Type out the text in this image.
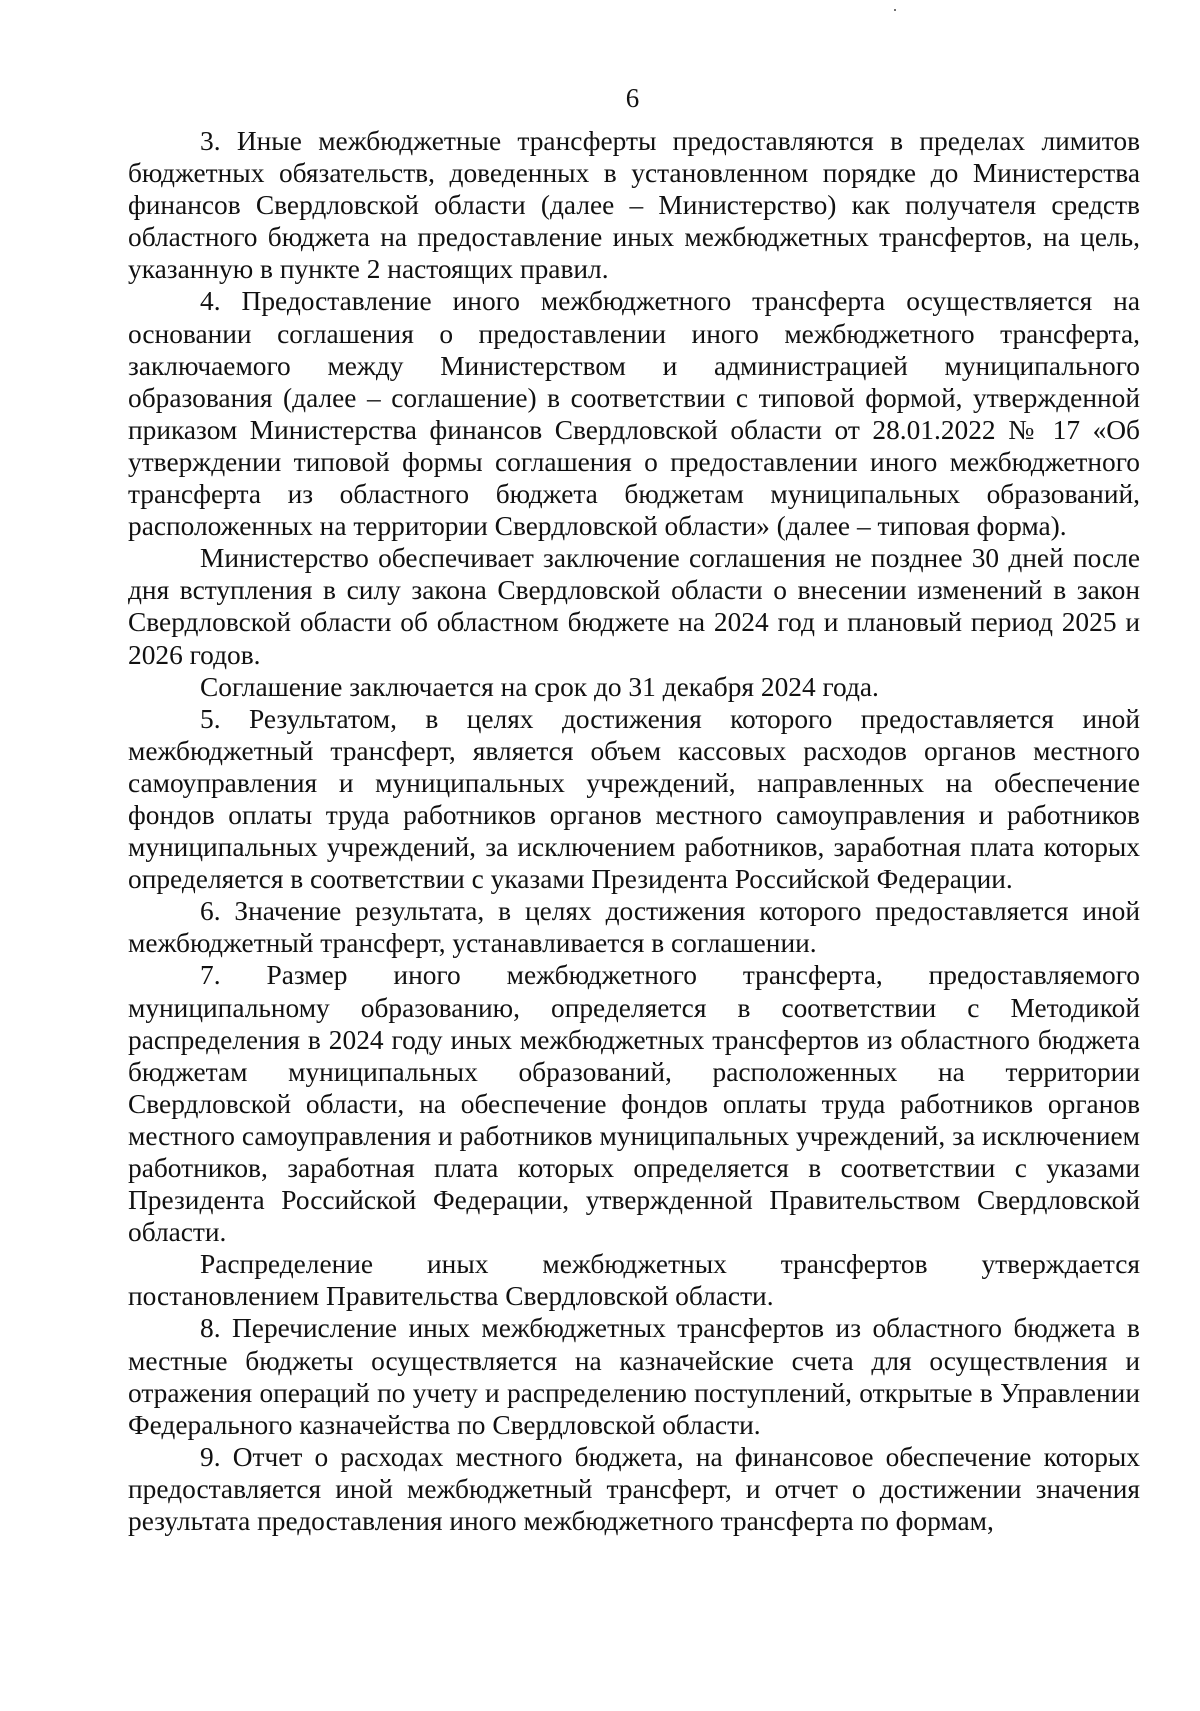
6

3. Иные межбюджетные трансферты предоставляются в пределах лимитов бюджетных обязательств, доведенных в установленном порядке до Министерства финансов Свердловской области (далее – Министерство) как получателя средств областного бюджета на предоставление иных межбюджетных трансфертов, на цель, указанную в пункте 2 настоящих правил.

4. Предоставление иного межбюджетного трансферта осуществляется на основании соглашения о предоставлении иного межбюджетного трансферта, заключаемого между Министерством и администрацией муниципального образования (далее – соглашение) в соответствии с типовой формой, утвержденной приказом Министерства финансов Свердловской области от 28.01.2022 № 17 «Об утверждении типовой формы соглашения о предоставлении иного межбюджетного трансферта из областного бюджета бюджетам муниципальных образований, расположенных на территории Свердловской области» (далее – типовая форма).

Министерство обеспечивает заключение соглашения не позднее 30 дней после дня вступления в силу закона Свердловской области о внесении изменений в закон Свердловской области об областном бюджете на 2024 год и плановый период 2025 и 2026 годов.

Соглашение заключается на срок до 31 декабря 2024 года.

5. Результатом, в целях достижения которого предоставляется иной межбюджетный трансферт, является объем кассовых расходов органов местного самоуправления и муниципальных учреждений, направленных на обеспечение фондов оплаты труда работников органов местного самоуправления и работников муниципальных учреждений, за исключением работников, заработная плата которых определяется в соответствии с указами Президента Российской Федерации.

6. Значение результата, в целях достижения которого предоставляется иной межбюджетный трансферт, устанавливается в соглашении.

7. Размер иного межбюджетного трансферта, предоставляемого муниципальному образованию, определяется в соответствии с Методикой распределения в 2024 году иных межбюджетных трансфертов из областного бюджета бюджетам муниципальных образований, расположенных на территории Свердловской области, на обеспечение фондов оплаты труда работников органов местного самоуправления и работников муниципальных учреждений, за исключением работников, заработная плата которых определяется в соответствии с указами Президента Российской Федерации, утвержденной Правительством Свердловской области.

Распределение иных межбюджетных трансфертов утверждается постановлением Правительства Свердловской области.

8. Перечисление иных межбюджетных трансфертов из областного бюджета в местные бюджеты осуществляется на казначейские счета для осуществления и отражения операций по учету и распределению поступлений, открытые в Управлении Федерального казначейства по Свердловской области.

9. Отчет о расходах местного бюджета, на финансовое обеспечение которых предоставляется иной межбюджетный трансферт, и отчет о достижении значения результата предоставления иного межбюджетного трансферта по формам,
